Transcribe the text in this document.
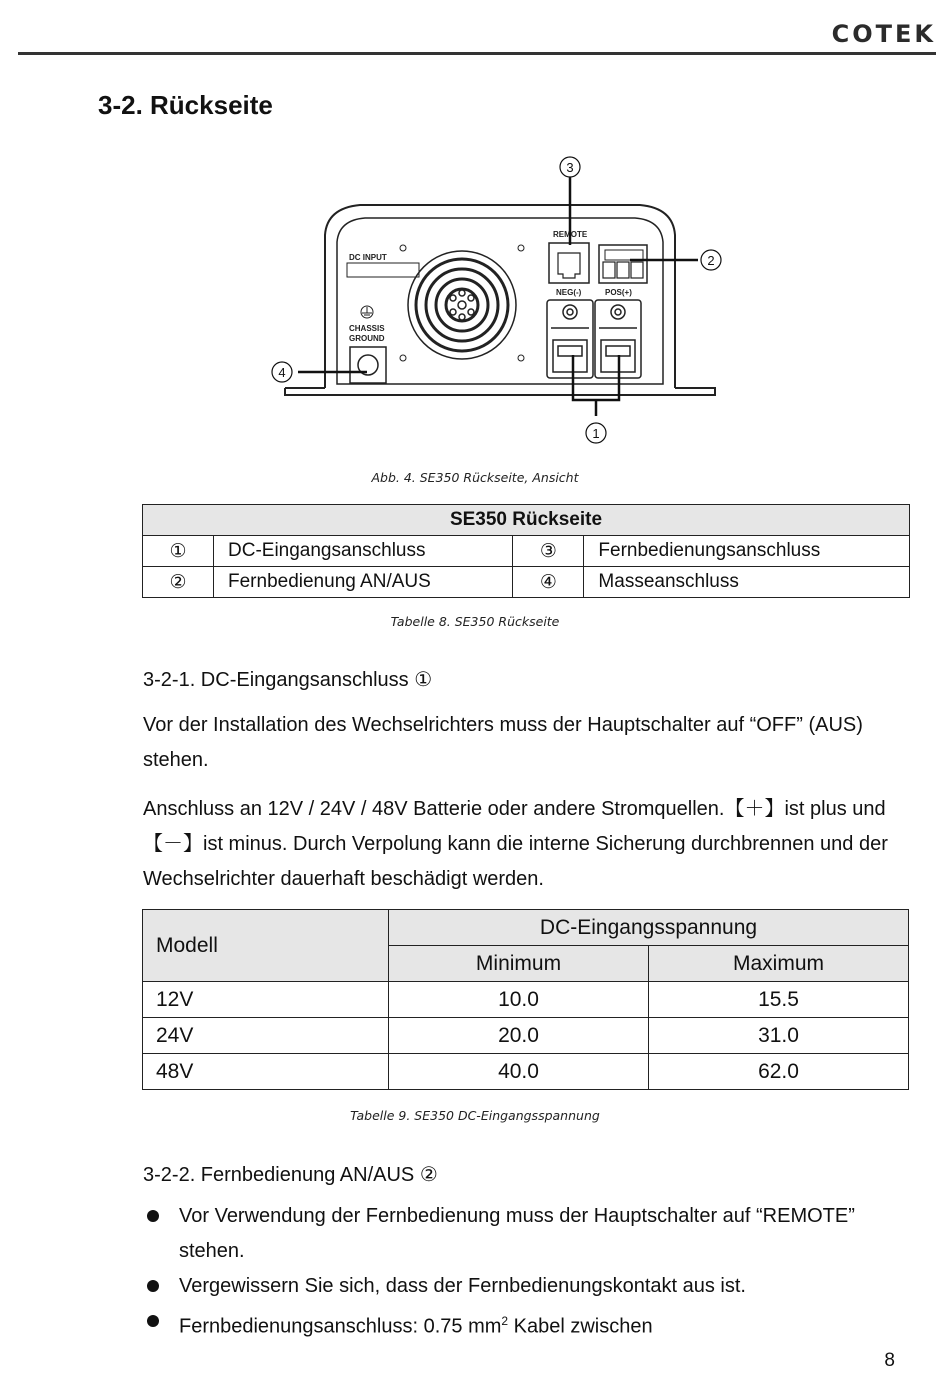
COTEK
3-2. Rückseite
DC INPUT
CHASSIS
GROUND
REMOTE
NEG(-)	POS(+)
3
2
4
1
Abb. 4. SE350 Rückseite, Ansicht
SE350 Rückseite			
①	DC-Eingangsanschluss	③	Fernbedienungsanschluss
②	Fernbedienung AN/AUS	④	Masseanschluss
Tabelle 8. SE350 Rückseite

3-2-1. DC-Eingangsanschluss ①

Vor der Installation des Wechselrichters muss der Hauptschalter auf “OFF” (AUS) stehen.

Anschluss an 12V / 24V / 48V Batterie oder andere Stromquellen.【＋】ist plus und 【－】ist minus. Durch Verpolung kann die interne Sicherung durchbrennen und der Wechselrichter dauerhaft beschädigt werden.

Modell	DC-Eingangsspannung	
	Minimum	Maximum
12V	10.0	15.5
24V	20.0	31.0
48V	40.0	62.0
Tabelle 9. SE350 DC-Eingangsspannung

3-2-2. Fernbedienung AN/AUS ②

Vor Verwendung der Fernbedienung muss der Hauptschalter auf “REMOTE” stehen.
Vergewissern Sie sich, dass der Fernbedienungskontakt aus ist.
Fernbedienungsanschluss: 0.75 $mm^2$ Kabel zwischen
8
